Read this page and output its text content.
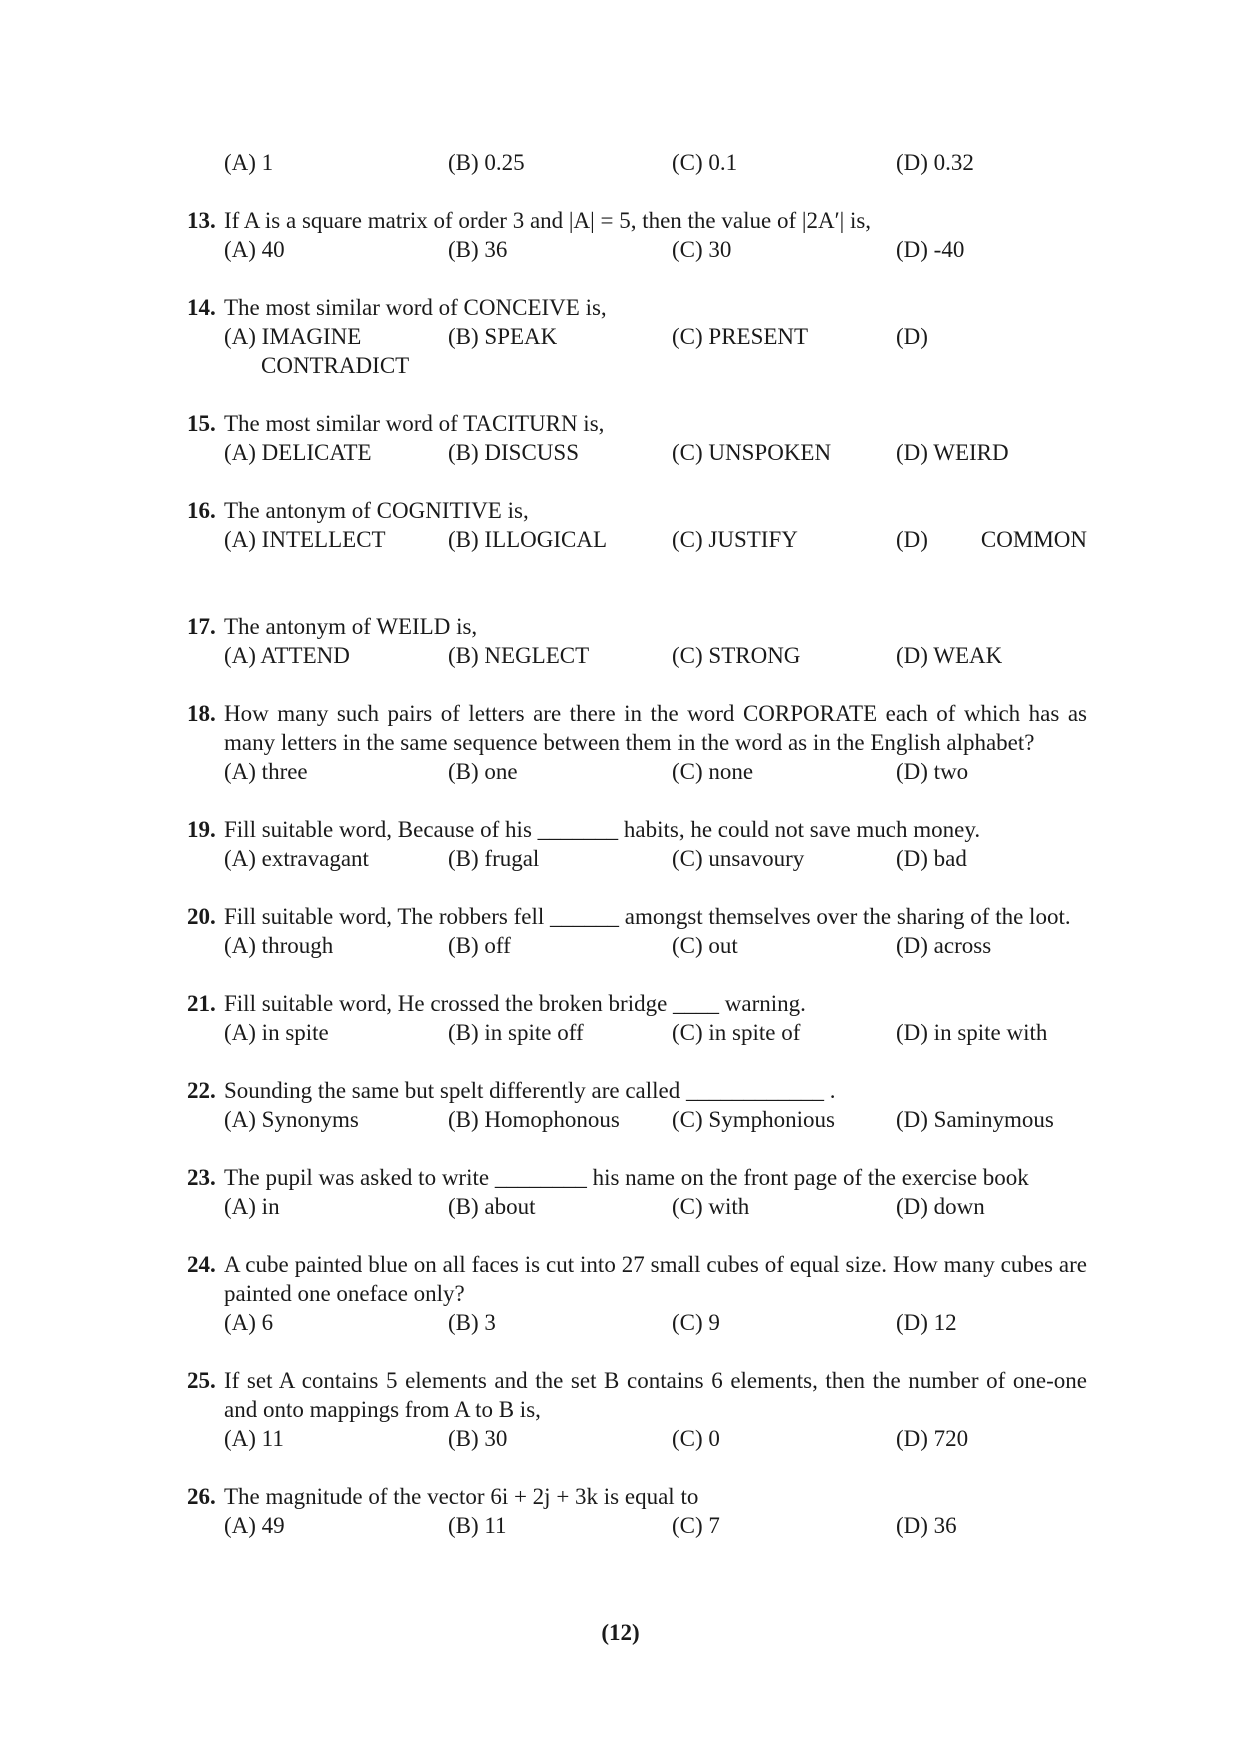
(A) 1	(B) 0.25	(C) 0.1	(D) 0.32
13. If A is a square matrix of order 3 and |A| = 5, then the value of |2A′| is,
(A) 40	(B) 36	(C) 30	(D) -40
14. The most similar word of CONCEIVE is,
(A) IMAGINE	(B) SPEAK	(C) PRESENT	(D)
CONTRADICT
15. The most similar word of TACITURN is,
(A) DELICATE	(B) DISCUSS	(C) UNSPOKEN	(D) WEIRD
16. The antonym of COGNITIVE is,
(A) INTELLECT	(B) ILLOGICAL	(C) JUSTIFY	(D) COMMON
17. The antonym of WEILD is,
(A) ATTEND	(B) NEGLECT	(C) STRONG	(D) WEAK
18. How many such pairs of letters are there in the word CORPORATE each of which has as many letters in the same sequence between them in the word as in the English alphabet?
(A) three	(B) one	(C) none	(D) two
19. Fill suitable word, Because of his _______ habits, he could not save much money.
(A) extravagant	(B) frugal	(C) unsavoury	(D) bad
20. Fill suitable word, The robbers fell ______ amongst themselves over the sharing of the loot.
(A) through	(B) off	(C) out	(D) across
21. Fill suitable word, He crossed the broken bridge ____ warning.
(A) in spite	(B) in spite off	(C) in spite of	(D) in spite with
22. Sounding the same but spelt differently are called ____________ .
(A) Synonyms	(B) Homophonous	(C) Symphonious	(D) Saminymous
23. The pupil was asked to write ________ his name on the front page of the exercise book
(A) in	(B) about	(C) with	(D) down
24. A cube painted blue on all faces is cut into 27 small cubes of equal size. How many cubes are painted one oneface only?
(A) 6	(B) 3	(C) 9	(D) 12
25. If set A contains 5 elements and the set B contains 6 elements, then the number of one-one and onto mappings from A to B is,
(A) 11	(B) 30	(C) 0	(D) 720
26. The magnitude of the vector 6i + 2j + 3k is equal to
(A) 49	(B) 11	(C) 7	(D) 36
(12)
